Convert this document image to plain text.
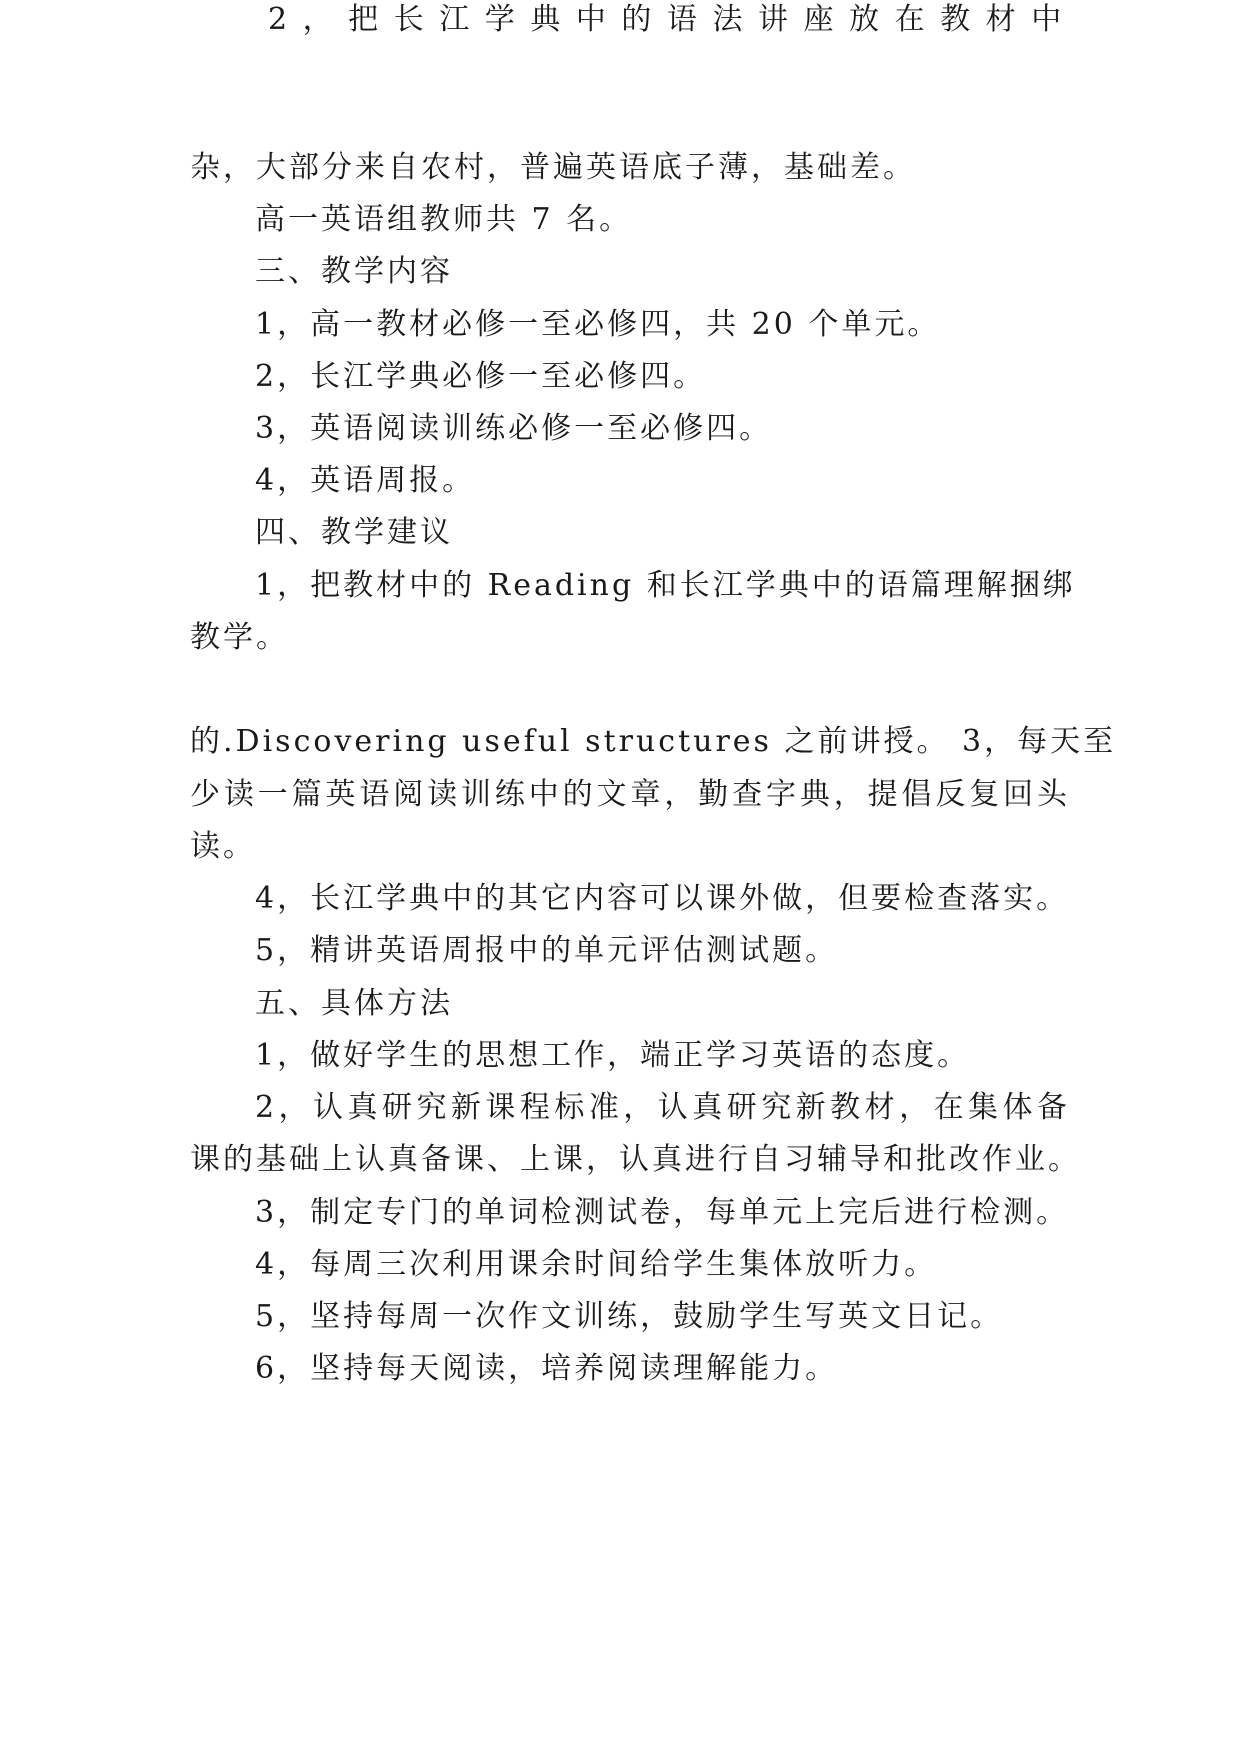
杂，大部分来自农村，普遍英语底子薄，基础差。
高一英语组教师共 7 名。
三、教学内容
1，高一教材必修一至必修四，共 20 个单元。
2，长江学典必修一至必修四。
3，英语阅读训练必修一至必修四。
4，英语周报。
四、教学建议
1，把教材中的 Reading 和长江学典中的语篇理解捆绑
教学。
2 ， 把 长 江 学 典 中 的 语 法 讲 座 放 在 教 材 中
的.Discovering useful structures 之前讲授。 3，每天至
少读一篇英语阅读训练中的文章，勤查字典，提倡反复回头
读。
4，长江学典中的其它内容可以课外做，但要检查落实。
5，精讲英语周报中的单元评估测试题。
五、具体方法
1，做好学生的思想工作，端正学习英语的态度。
2，认真研究新课程标准，认真研究新教材，在集体备
课的基础上认真备课、上课，认真进行自习辅导和批改作业。
3，制定专门的单词检测试卷，每单元上完后进行检测。
4，每周三次利用课余时间给学生集体放听力。
5，坚持每周一次作文训练，鼓励学生写英文日记。
6，坚持每天阅读，培养阅读理解能力。
